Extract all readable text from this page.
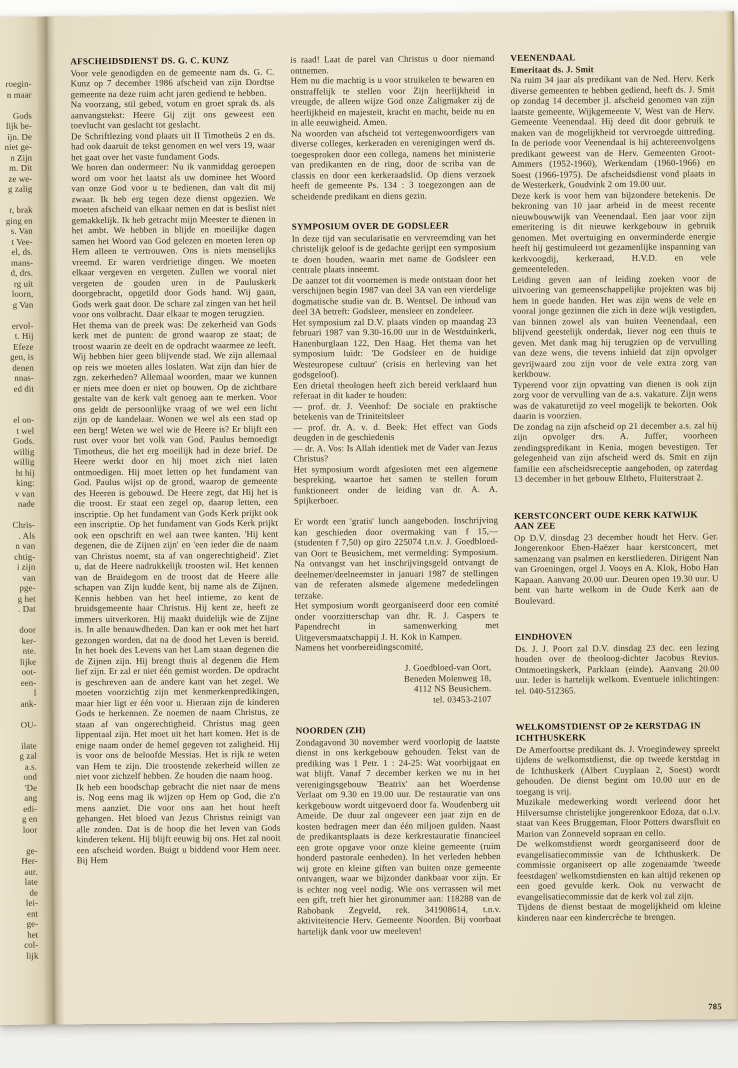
roegin-
n maar
Gods
lijk be-
ijn. De
niet ge-
n Zijn
m. Dit
ze we-
g zalig
r, brak
ging en
s. Van
t Vee-
el, ds.
mans-
d, drs.
rg uit
loorn,
g Van
ervol-
t. Hij
Efeze
gen, is
denen
nnas-
ed dit
el on-
t wel
Gods.
willig
willig
ht hij
king:
v van
nade
Chris-
. Als
n van
chtig-
i zijn
van
pge-
g het
. Dat
door
ker-
nte.
lijke
oot-
een-
l
ank-
OU-
ilate
g zal
a.s.
ond
'De
ang
edi-
g en
loor
ge-
Her-
aur.
late
de
lei-
ent
ge-
het
col-
lijk
AFSCHEIDSDIENST DS. G. C. KUNZ

Voor vele genodigden en de gemeente nam ds. G. C. Kunz op 7 december 1986 afscheid van zijn Dordtse gemeente na deze ruim acht jaren gediend te hebben.

Na voorzang, stil gebed, votum en groet sprak ds. als aanvangstekst: Heere Gij zijt ons geweest een toevlucht van geslacht tot geslacht.

De Schriftlezing vond plaats uit II Timotheüs 2 en ds. had ook daaruit de tekst genomen en wel vers 19, waar het gaat over het vaste fundament Gods.

We horen dan ondermeer: Nu ik vanmiddag geroepen word om voor het laatst als uw dominee het Woord van onze God voor u te bedienen, dan valt dit mij zwaar. Ik heb erg tegen deze dienst opgezien. We moeten afscheid van elkaar nemen en dat is beslist niet gemakkelijk. Ik heb getracht mijn Meester te dienen in het ambt. We hebben in blijde en moeilijke dagen samen het Woord van God gelezen en moeten leren op Hem alleen te vertrouwen. Ons is niets menselijks vreemd. Er waren verdrietige dingen. We moeten elkaar vergeven en vergeten. Zullen we vooral niet vergeten de gouden uren in de Pauluskerk doorgebracht, opgetild door Gods hand. Wij gaan, Gods werk gaat door. De schare zal zingen van het heil voor ons volbracht. Daar elkaar te mogen terugzien.

Het thema van de preek was: De zekerheid van Gods kerk met de punten: de grond waarop ze staat; de troost waarin ze deelt en de opdracht waarmee ze leeft.

Wij hebben hier geen blijvende stad. We zijn allemaal op reis we moeten alles loslaten. Wat zijn dan hier de zgn. zekerheden? Allemaal woorden, maar we kunnen er niets mee doen er niet op bouwen. Op de zichtbare gestalte van de kerk valt genoeg aan te merken. Voor ons geldt de persoonlijke vraag of we wel een licht zijn op de kandelaar. Wonen we wel als een stad op een berg! Weten we wel wie de Heere is? Er blijft een rust over voor het volk van God. Paulus bemoedigt Timotheus, die het erg moeilijk had in deze brief. De Heere werkt door en hij moet zich niet laten ontmoedigen. Hij moet letten op het fundament van God. Paulus wijst op de grond, waarop de gemeente des Heeren is gebouwd. De Heere zegt, dat Hij het is die troost. Er staat een zegel op, daarop letten, een inscriptie. Op het fundament van Gods Kerk prijkt ook een inscriptie. Op het fundament van Gods Kerk prijkt ook een opschrift en wel aan twee kanten. 'Hij kent degenen, die de Zijnen zijn' en 'een ieder die de naam van Christus noemt, sta af van ongerechtigheid'. Ziet u, dat de Heere nadrukkelijk troosten wil. Het kennen van de Bruidegom en de troost dat de Heere alle schapen van Zijn kudde kent, bij name als de Zijnen. Kennis hebben van het heel intieme, zo kent de bruidsgemeente haar Christus. Hij kent ze, heeft ze immers uitverkoren. Hij maakt duidelijk wie de Zijne is. In alle benauwdheden. Dan kan er ook met het hart gezongen worden, dat na de dood het Leven is bereid. In het boek des Levens van het Lam staan degenen die de Zijnen zijn. Hij brengt thuis al degenen die Hem lief zijn. Er zal er niet één gemist worden. De opdracht is geschreven aan de andere kant van het zegel. We moeten voorzichtig zijn met kenmerkenpredikingen, maar hier ligt er één voor u. Hieraan zijn de kinderen Gods te herkennen. Ze noemen de naam Christus, ze staan af van ongerechtigheid. Christus mag geen lippentaal zijn. Het moet uit het hart komen. Het is de enige naam onder de hemel gegeven tot zaligheid. Hij is voor ons de beloofde Messias. Het is rijk te weten van Hem te zijn. Die troostende zekerheid willen ze niet voor zichzelf hebben. Ze houden die naam hoog.

Ik heb een boodschap gebracht die niet naar de mens is. Nog eens mag ik wijzen op Hem op God, die z'n mens aanziet. Die voor ons aan het hout heeft gehangen. Het bloed van Jezus Christus reinigt van alle zonden. Dat is de hoop die het leven van Gods kinderen tekent. Hij blijft eeuwig bij ons. Het zal nooit een afscheid worden. Buigt u biddend voor Hem neer. Bij Hem

is raad! Laat de parel van Christus u door niemand ontnemen.

Hem nu die machtig is u voor struikelen te bewaren en onstraffelijk te stellen voor Zijn heerlijkheid in vreugde, de alleen wijze God onze Zaligmaker zij de heerlijkheid en majesteit, kracht en macht, beide nu en in alle eeuwigheid. Amen.

Na woorden van afscheid tot vertegenwoordigers van diverse colleges, kerkeraden en verenigingen werd ds. toegesproken door een collega, namens het ministerie van predikanten en de ring, door de scriba van de classis en door een kerkeraadslid. Op diens verzoek heeft de gemeente Ps. 134 : 3 toegezongen aan de scheidende predikant en diens gezin.

SYMPOSIUM OVER DE GODSLEER

In deze tijd van secularisatie en vervreemding van het christelijk geloof is de gedachte gerijpt een symposium te doen houden, waarin met name de Godsleer een centrale plaats inneemt.

De aanzet tot dit voornemen is mede ontstaan door het verschijnen begin 1987 van deel 3A van een vierdelige dogmatische studie van dr. B. Wentsel. De inhoud van deel 3A betreft: Godsleer, mensleer en zondeleer.

Het symposium zal D.V. plaats vinden op maandag 23 februari 1987 van 9.30-16.00 uur in de Westduinkerk, Hanenburglaan 122, Den Haag. Het thema van het symposium luidt: 'De Godsleer en de huidige Westeuropese cultuur' (crisis en herleving van het godsgeloof).

Een drietal theologen heeft zich bereid verklaard hun referaat in dit kader te houden:

— prof. dr. J. Veenhof: De sociale en praktische betekenis van de Triniteitsleer

— prof. dr. A. v. d. Beek: Het effect van Gods deugden in de geschiedenis

— dr. A. Vos: Is Allah identiek met de Vader van Jezus Christus?

Het symposium wordt afgesloten met een algemene bespreking, waartoe het samen te stellen forum funktioneert onder de leiding van dr. A. A. Spijkerboer.

Er wordt een 'gratis' lunch aangeboden. Inschrijving kan geschieden door overmaking van f 15,— (studenten f 7,50) op giro 225074 t.n.v. J. Goedbloed-van Oort te Beusichem, met vermelding: Symposium. Na ontvangst van het inschrijvingsgeld ontvangt de deelnemer/deelneemster in januari 1987 de stellingen van de referaten alsmede algemene mededelingen terzake.

Het symposium wordt georganiseerd door een comité onder voorzitterschap van dhr. R. J. Caspers te Papendrecht in samenwerking met Uitgeversmaatschappij J. H. Kok in Kampen.

Namens het voorbereidingscomité,

J. Goedbloed-van Oort,
Beneden Molenweg 18,
4112 NS Beusichem.
tel. 03453-2107
NOORDEN (ZH)

Zondagavond 30 november werd voorlopig de laatste dienst in ons kerkgebouw gehouden. Tekst van de prediking was 1 Petr. 1 : 24-25: Wat voorbijgaat en wat blijft. Vanaf 7 december kerken we nu in het verenigingsgebouw 'Beatrix' aan het Woerdense Verlaat om 9.30 en 19.00 uur. De restauratie van ons kerkgebouw wordt uitgevoerd door fa. Woudenberg uit Ameide. De duur zal ongeveer een jaar zijn en de kosten bedragen meer dan één miljoen gulden. Naast de predikantsplaats is deze kerkrestauratie financieel een grote opgave voor onze kleine gemeente (ruim honderd pastorale eenheden). In het verleden hebben wij grote en kleine giften van buiten onze gemeente ontvangen, waar we bijzonder dankbaar voor zijn. Er is echter nog veel nodig. Wie ons verrassen wil met een gift, treft hier het gironummer aan: 118288 van de Rabobank Zegveld, rek. 341908614, t.n.v. aktiviteitencie Herv. Gemeente Noorden. Bij voorbaat hartelijk dank voor uw meeleven!

VEENENDAAL
Emeritaat ds. J. Smit

Na ruim 34 jaar als predikant van de Ned. Herv. Kerk diverse gemeenten te hebben gediend, heeft ds. J. Smit op zondag 14 december jl. afscheid genomen van zijn laatste gemeente, Wijkgemeente V, West van de Herv. Gemeente Veenendaal. Hij deed dit door gebruik te maken van de mogelijkheid tot vervroegde uittreding. In de periode voor Veenendaal is hij achtereenvolgens predikant geweest van de Herv. Gemeenten Groot-Ammers (1952-1960), Werkendam (1960-1966) en Soest (1966-1975). De afscheidsdienst vond plaats in de Westerkerk, Goudvink 2 om 19.00 uur.

Deze kerk is voor hem van bijzondere betekenis. De bekroning van 10 jaar arbeid in de meest recente nieuwbouwwijk van Veenendaal. Een jaar voor zijn emeritering is dit nieuwe kerkgebouw in gebruik genomen. Met overtuiging en onverminderde energie heeft hij gestimuleerd tot gezamenlijke inspanning van kerkvoogdij, kerkeraad, H.V.D. en vele gemeenteleden.

Leiding geven aan of leiding zoeken voor de uitvoering van gemeenschappelijke projekten was bij hem in goede handen. Het was zijn wens de vele en vooral jonge gezinnen die zich in deze wijk vestigden, van binnen zowel als van buiten Veenendaal, een blijvend geestelijk onderdak, liever nog een thuis te geven. Met dank mag hij terugzien op de vervulling van deze wens, die tevens inhield dat zijn opvolger gevrijwaard zou zijn voor de vele extra zorg van kerkbouw.

Typerend voor zijn opvatting van dienen is ook zijn zorg voor de vervulling van de a.s. vakature. Zijn wens was de vakaturetijd zo veel mogelijk te bekorten. Ook daarin is voorzien.

De zondag na zijn afscheid op 21 december a.s. zal hij zijn opvolger drs. A. Juffer, voorheen zendingspredikant in Kenia, mogen bevestigen. Ter gelegenheid van zijn afscheid werd ds. Smit en zijn familie een afscheidsreceptie aangeboden, op zaterdag 13 december in het gebouw Eltheto, Fluiterstraat 2.

KERSTCONCERT OUDE KERK KATWIJK AAN ZEE

Op D.V. dinsdag 23 december houdt het Herv. Ger. Jongerenkoor Eben-Haëzer haar kerstconcert, met samenzang van psalmen en kerstliederen. Dirigent Nan van Groeningen, orgel J. Vooys en A. Klok, Hobo Han Kapaan. Aanvang 20.00 uur. Deuren open 19.30 uur. U bent van harte welkom in de Oude Kerk aan de Boulevard.

EINDHOVEN

Ds. J. J. Poort zal D.V. dinsdag 23 dec. een lezing houden over de theoloog-dichter Jacobus Revius. Ontmoetingskerk, Parklaan (einde). Aanvang 20.00 uur. Ieder is hartelijk welkom. Eventuele inlichtingen: tel. 040-512365.

WELKOMSTDIENST OP 2e KERSTDAG IN ICHTHUSKERK

De Amerfoortse predikant ds. J. Vroegindewey spreekt tijdens de welkomstdienst, die op tweede kerstdag in de Ichthuskerk (Albert Cuyplaan 2, Soest) wordt gehouden. De dienst begint om 10.00 uur en de toegang is vrij.

Muzikale medewerking wordt verleend door het Hilversumse christelijke jongerenkoor Edoza, dat o.l.v. staat van Kees Bruggeman, Floor Potters dwarsfluit en Marion van Zonneveld sopraan en cello.

De welkomstdienst wordt georganiseerd door de evangelisatiecommissie van de Ichthuskerk. De commissie organiseert op alle zogenaamde 'tweede feestdagen' welkomstdiensten en kan altijd rekenen op een goed gevulde kerk. Ook nu verwacht de evangelisatiecommissie dat de kerk vol zal zijn.

Tijdens de dienst bestaat de mogelijkheid om kleine kinderen naar een kindercrèche te brengen.

785
